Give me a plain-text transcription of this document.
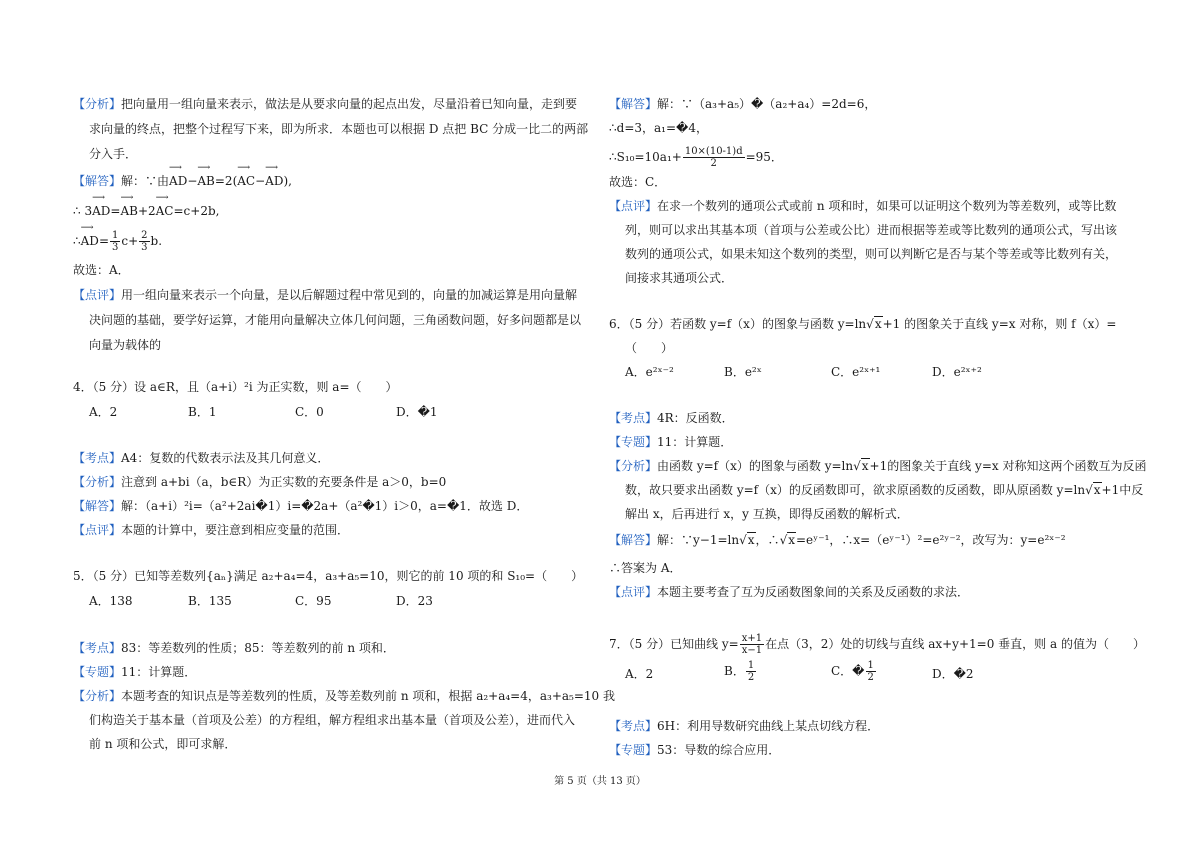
【分析】把向量用一组向量来表示，做法是从要求向量的起点出发，尽量沿着已知向量，走到要
求向量的终点，把整个过程写下来，即为所求．本题也可以根据 D 点把 BC 分成一比二的两部
分入手．
【解答】解：∵由⟶ AD−⟶ AB=2(⟶ AC−⟶ AD),
∴ 3⟶ AD=⟶ AB+2⟶ AC=c+2b,
∴⟶ $AD= \frac{1}{3} c+ \frac{2}{3} b$.
故选：A．
【点评】用一组向量来表示一个向量，是以后解题过程中常见到的，向量的加减运算是用向量解
决问题的基础，要学好运算，才能用向量解决立体几何问题，三角函数问题，好多问题都是以
向量为载体的
4．（5 分）设 a∈R，且（a+i）²i 为正实数，则 a=（　　）
A．2	B．1	C．0	D．�1
【考点】A4：复数的代数表示法及其几何意义．
【分析】注意到 a+bi（a，b∈R）为正实数的充要条件是 a＞0，b=0
【解答】解：（a+i）²i=（a²+2ai�1）i=�2a+（a²�1）i＞0，a=�1．故选 D．
【点评】本题的计算中，要注意到相应变量的范围．
5．（5 分）已知等差数列{aₙ}满足 a₂+a₄=4，a₃+a₅=10，则它的前 10 项的和 S₁₀=（　　）
A．138	B．135	C．95	D．23
【考点】83：等差数列的性质；85：等差数列的前 n 项和．
【专题】11：计算题．
【分析】本题考查的知识点是等差数列的性质，及等差数列前 n 项和，根据 a₂+a₄=4，a₃+a₅=10 我
们构造关于基本量（首项及公差）的方程组，解方程组求出基本量（首项及公差），进而代入
前 n 项和公式，即可求解．
【解答】解：∵（a₃+a₅）�（a₂+a₄）=2d=6，
∴d=3，a₁=�4，
∴S₁₀=10a₁+ $\frac{10\times(10-1)d}{2} =95$．
故选：C．
【点评】在求一个数列的通项公式或前 n 项和时，如果可以证明这个数列为等差数列，或等比数
列，则可以求出其基本项（首项与公差或公比）进而根据等差或等比数列的通项公式，写出该
数列的通项公式，如果未知这个数列的类型，则可以判断它是否与某个等差或等比数列有关，
间接求其通项公式．
6．（5 分）若函数 y=f（x）的图象与函数 y=ln√x+1 的图象关于直线 y=x 对称，则 f（x）=
（　　）
A．e²ˣ⁻²	B．e²ˣ	C．e²ˣ⁺¹	D．e²ˣ⁺²
【考点】4R：反函数．
【专题】11：计算题．
【分析】由函数 y=f（x）的图象与函数 y=ln√x+1的图象关于直线 y=x 对称知这两个函数互为反函
数，故只要求出函数 y=f（x）的反函数即可，欲求原函数的反函数，即从原函数 y=ln√x+1中反
解出 x，后再进行 x，y 互换，即得反函数的解析式．
【解答】解：∵y−1=ln√x，∴√x=eʸ⁻¹，∴x=（eʸ⁻¹）²=e²ʸ⁻²，改写为：y=e²ˣ⁻²
∴答案为 A．
【点评】本题主要考查了互为反函数图象间的关系及反函数的求法．
7．（5 分）已知曲线 $y= \frac{x+1}{x-1}$ 在点（3，2）处的切线与直线 ax+y+1=0 垂直，则 a 的值为（　　）
A．2	B． $\frac{1}{2}$	C．� $\frac{1}{2}$	D．�2
【考点】6H：利用导数研究曲线上某点切线方程．
【专题】53：导数的综合应用．
第 5 页（共 13 页）
